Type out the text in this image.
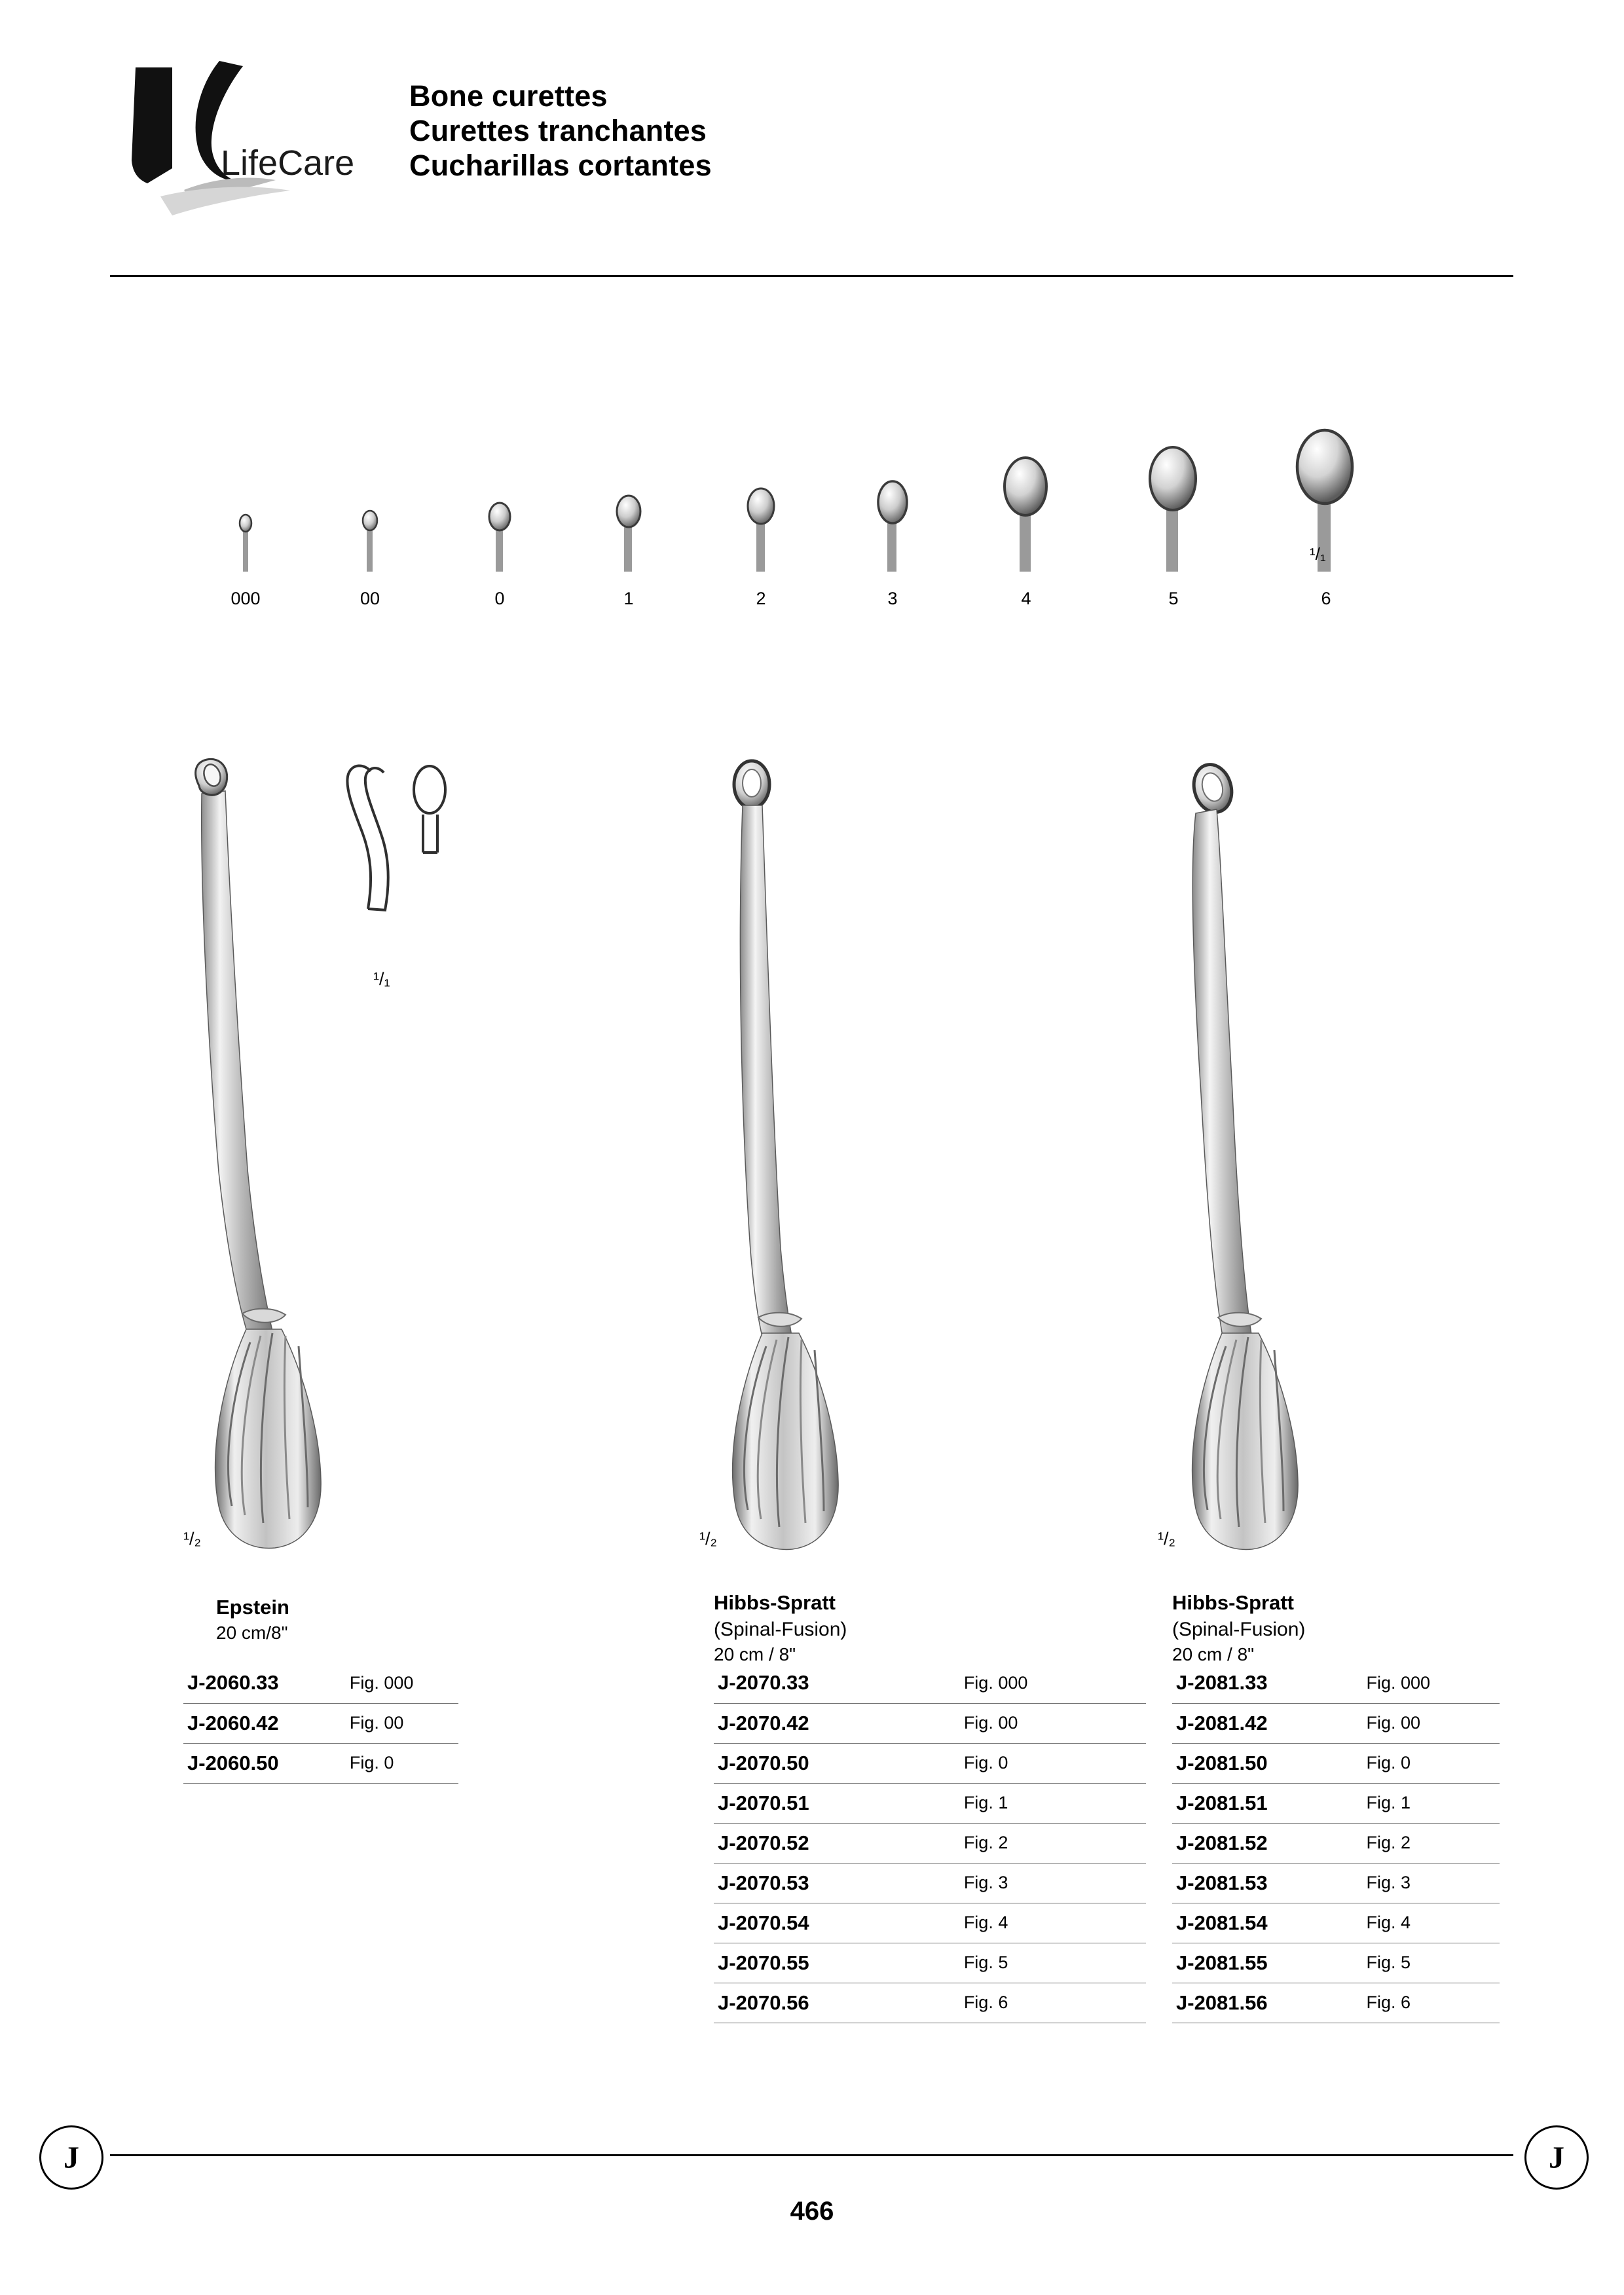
LifeCare
Bone curettes
Curettes tranchantes
Cucharillas cortantes
000	00	0	1	2	3	4	5	6
¹/₁
¹/₁
¹/₂
Epstein
20 cm/8"
J-2060.33	Fig. 000
J-2060.42	Fig. 00
J-2060.50	Fig. 0
¹/₂
Hibbs-Spratt
(Spinal-Fusion)
20 cm / 8"
J-2070.33	Fig. 000
J-2070.42	Fig. 00
J-2070.50	Fig. 0
J-2070.51	Fig. 1
J-2070.52	Fig. 2
J-2070.53	Fig. 3
J-2070.54	Fig. 4
J-2070.55	Fig. 5
J-2070.56	Fig. 6
¹/₂
Hibbs-Spratt
(Spinal-Fusion)
20 cm / 8"
J-2081.33	Fig. 000
J-2081.42	Fig. 00
J-2081.50	Fig. 0
J-2081.51	Fig. 1
J-2081.52	Fig. 2
J-2081.53	Fig. 3
J-2081.54	Fig. 4
J-2081.55	Fig. 5
J-2081.56	Fig. 6
J	J
466
